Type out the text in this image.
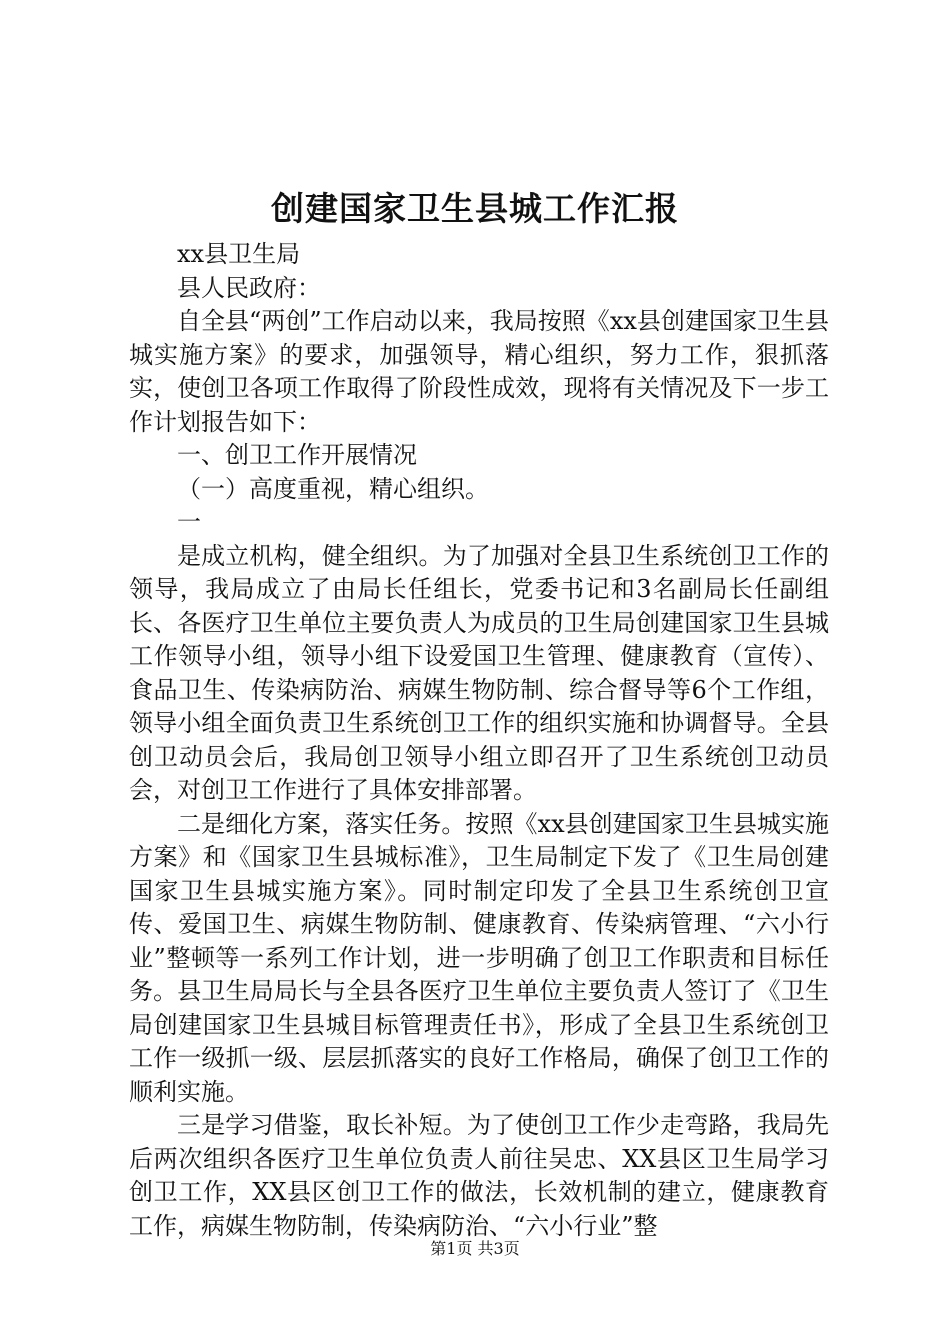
创建国家卫生县城工作汇报

xx县卫生局

县人民政府：

自全县“两创”工作启动以来，我局按照《xx县创建国家卫生县城实施方案》的要求，加强领导，精心组织，努力工作，狠抓落实，使创卫各项工作取得了阶段性成效，现将有关情况及下一步工作计划报告如下：

一、创卫工作开展情况

（一）高度重视，精心组织。

一

是成立机构，健全组织。为了加强对全县卫生系统创卫工作的领导，我局成立了由局长任组长，党委书记和3名副局长任副组长、各医疗卫生单位主要负责人为成员的卫生局创建国家卫生县城工作领导小组，领导小组下设爱国卫生管理、健康教育（宣传）、食品卫生、传染病防治、病媒生物防制、综合督导等6个工作组，领导小组全面负责卫生系统创卫工作的组织实施和协调督导。全县创卫动员会后，我局创卫领导小组立即召开了卫生系统创卫动员会，对创卫工作进行了具体安排部署。

二是细化方案，落实任务。按照《xx县创建国家卫生县城实施方案》和《国家卫生县城标准》，卫生局制定下发了《卫生局创建国家卫生县城实施方案》。同时制定印发了全县卫生系统创卫宣传、爱国卫生、病媒生物防制、健康教育、传染病管理、“六小行业”整顿等一系列工作计划，进一步明确了创卫工作职责和目标任务。县卫生局局长与全县各医疗卫生单位主要负责人签订了《卫生局创建国家卫生县城目标管理责任书》，形成了全县卫生系统创卫工作一级抓一级、层层抓落实的良好工作格局，确保了创卫工作的顺利实施。

三是学习借鉴，取长补短。为了使创卫工作少走弯路，我局先后两次组织各医疗卫生单位负责人前往吴忠、XX县区卫生局学习创卫工作，XX县区创卫工作的做法，长效机制的建立，健康教育工作，病媒生物防制，传染病防治、“六小行业”整

第1页 共3页
